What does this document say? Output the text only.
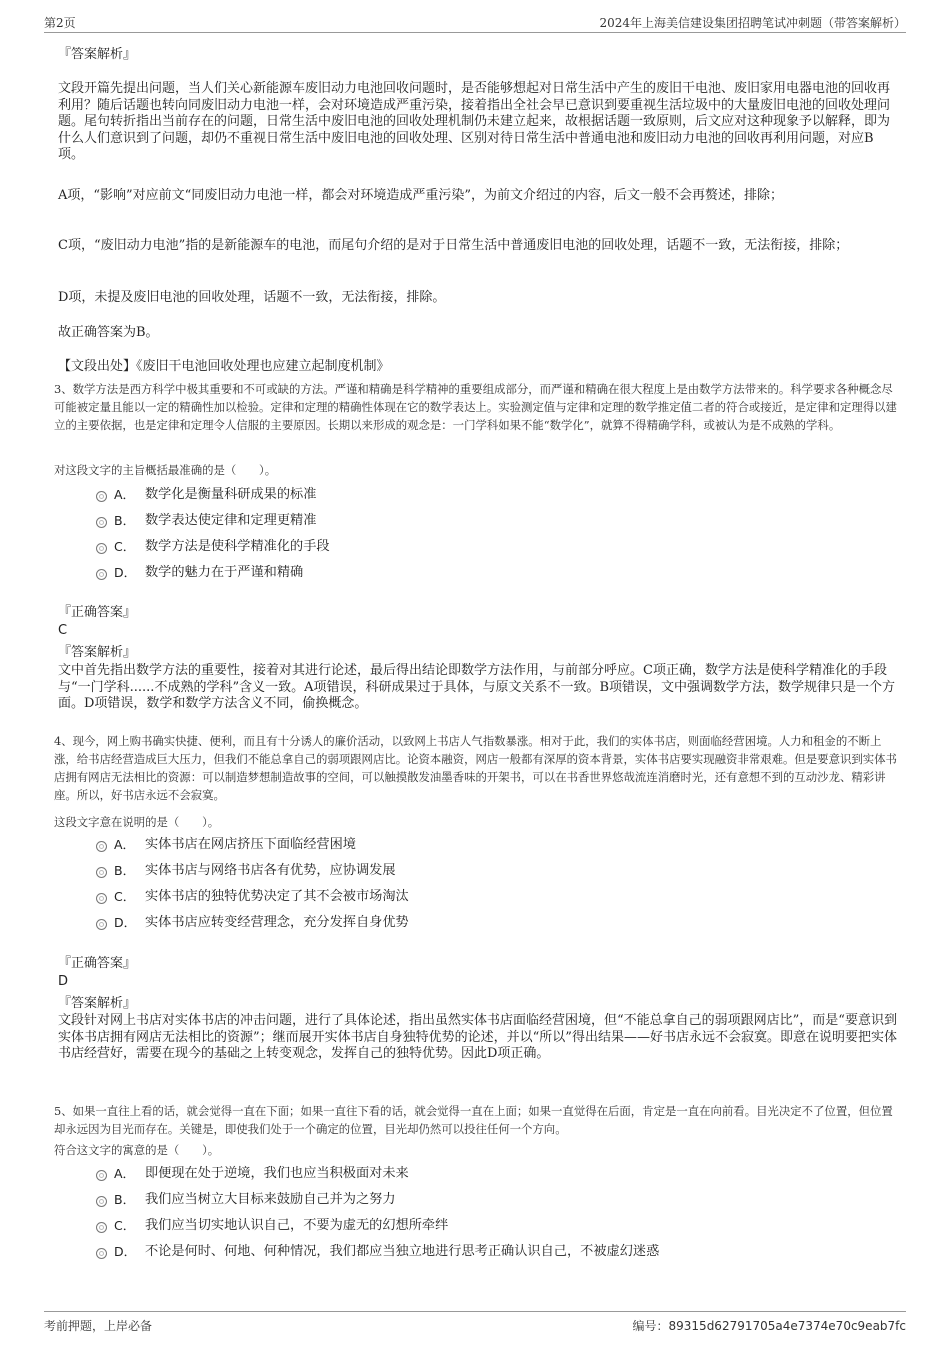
第2页	2024年上海美信建设集团招聘笔试冲刺题（带答案解析）
『答案解析』
文段开篇先提出问题，当人们关心新能源车废旧动力电池回收问题时，是否能够想起对日常生活中产生的废旧干电池、废旧家用电器电池的回收再利用？随后话题也转向同废旧动力电池一样，会对环境造成严重污染，接着指出全社会早已意识到要重视生活垃圾中的大量废旧电池的回收处理问题。尾句转折指出当前存在的问题，日常生活中废旧电池的回收处理机制仍未建立起来，故根据话题一致原则，后文应对这种现象予以解释，即为什么人们意识到了问题，却仍不重视日常生活中废旧电池的回收处理、区别对待日常生活中普通电池和废旧动力电池的回收再利用问题，对应B项。
A项，“影响”对应前文“同废旧动力电池一样，都会对环境造成严重污染”，为前文介绍过的内容，后文一般不会再赘述，排除；
C项，“废旧动力电池”指的是新能源车的电池，而尾句介绍的是对于日常生活中普通废旧电池的回收处理，话题不一致，无法衔接，排除；
D项，未提及废旧电池的回收处理，话题不一致，无法衔接，排除。
故正确答案为B。
【文段出处】《废旧干电池回收处理也应建立起制度机制》
3、数学方法是西方科学中极其重要和不可或缺的方法。严谨和精确是科学精神的重要组成部分，而严谨和精确在很大程度上是由数学方法带来的。科学要求各种概念尽可能被定量且能以一定的精确性加以检验。定律和定理的精确性体现在它的数学表达上。实验测定值与定律和定理的数学推定值二者的符合或接近，是定律和定理得以建立的主要依据，也是定律和定理令人信服的主要原因。长期以来形成的观念是：一门学科如果不能“数学化”，就算不得精确学科，或被认为是不成熟的学科。
对这段文字的主旨概括最准确的是（　　）。
A． 数学化是衡量科研成果的标准
B． 数学表达使定律和定理更精准
C． 数学方法是使科学精准化的手段
D． 数学的魅力在于严谨和精确
『正确答案』
C
『答案解析』
文中首先指出数学方法的重要性，接着对其进行论述，最后得出结论即数学方法作用，与前部分呼应。C项正确，数学方法是使科学精准化的手段与“一门学科......不成熟的学科”含义一致。A项错误，科研成果过于具体，与原文关系不一致。B项错误，文中强调数学方法，数学规律只是一个方面。D项错误，数学和数学方法含义不同，偷换概念。
4、现今，网上购书确实快捷、便利，而且有十分诱人的廉价活动，以致网上书店人气指数暴涨。相对于此，我们的实体书店，则面临经营困境。人力和租金的不断上涨，给书店经营造成巨大压力，但我们不能总拿自己的弱项跟网店比。论资本融资，网店一般都有深厚的资本背景，实体书店要实现融资非常艰难。但是要意识到实体书店拥有网店无法相比的资源：可以制造梦想制造故事的空间，可以触摸散发油墨香味的开架书，可以在书香世界悠哉流连消磨时光，还有意想不到的互动沙龙、精彩讲座。所以，好书店永远不会寂寞。
这段文字意在说明的是（　　）。
A． 实体书店在网店挤压下面临经营困境
B． 实体书店与网络书店各有优势，应协调发展
C． 实体书店的独特优势决定了其不会被市场淘汰
D． 实体书店应转变经营理念，充分发挥自身优势
『正确答案』
D
『答案解析』
文段针对网上书店对实体书店的冲击问题，进行了具体论述，指出虽然实体书店面临经营困境，但“不能总拿自己的弱项跟网店比”，而是“要意识到实体书店拥有网店无法相比的资源”；继而展开实体书店自身独特优势的论述，并以“所以”得出结果——好书店永远不会寂寞。即意在说明要把实体书店经营好，需要在现今的基础之上转变观念，发挥自己的独特优势。因此D项正确。
5、如果一直往上看的话，就会觉得一直在下面；如果一直往下看的话，就会觉得一直在上面；如果一直觉得在后面，肯定是一直在向前看。目光决定不了位置，但位置却永远因为目光而存在。关键是，即使我们处于一个确定的位置，目光却仍然可以投往任何一个方向。
符合这文字的寓意的是（　　）。
A． 即便现在处于逆境，我们也应当积极面对未来
B． 我们应当树立大目标来鼓励自己并为之努力
C． 我们应当切实地认识自己，不要为虚无的幻想所牵绊
D． 不论是何时、何地、何种情况，我们都应当独立地进行思考正确认识自己，不被虚幻迷惑
考前押题，上岸必备	编号：89315d62791705a4e7374e70c9eab7fc
